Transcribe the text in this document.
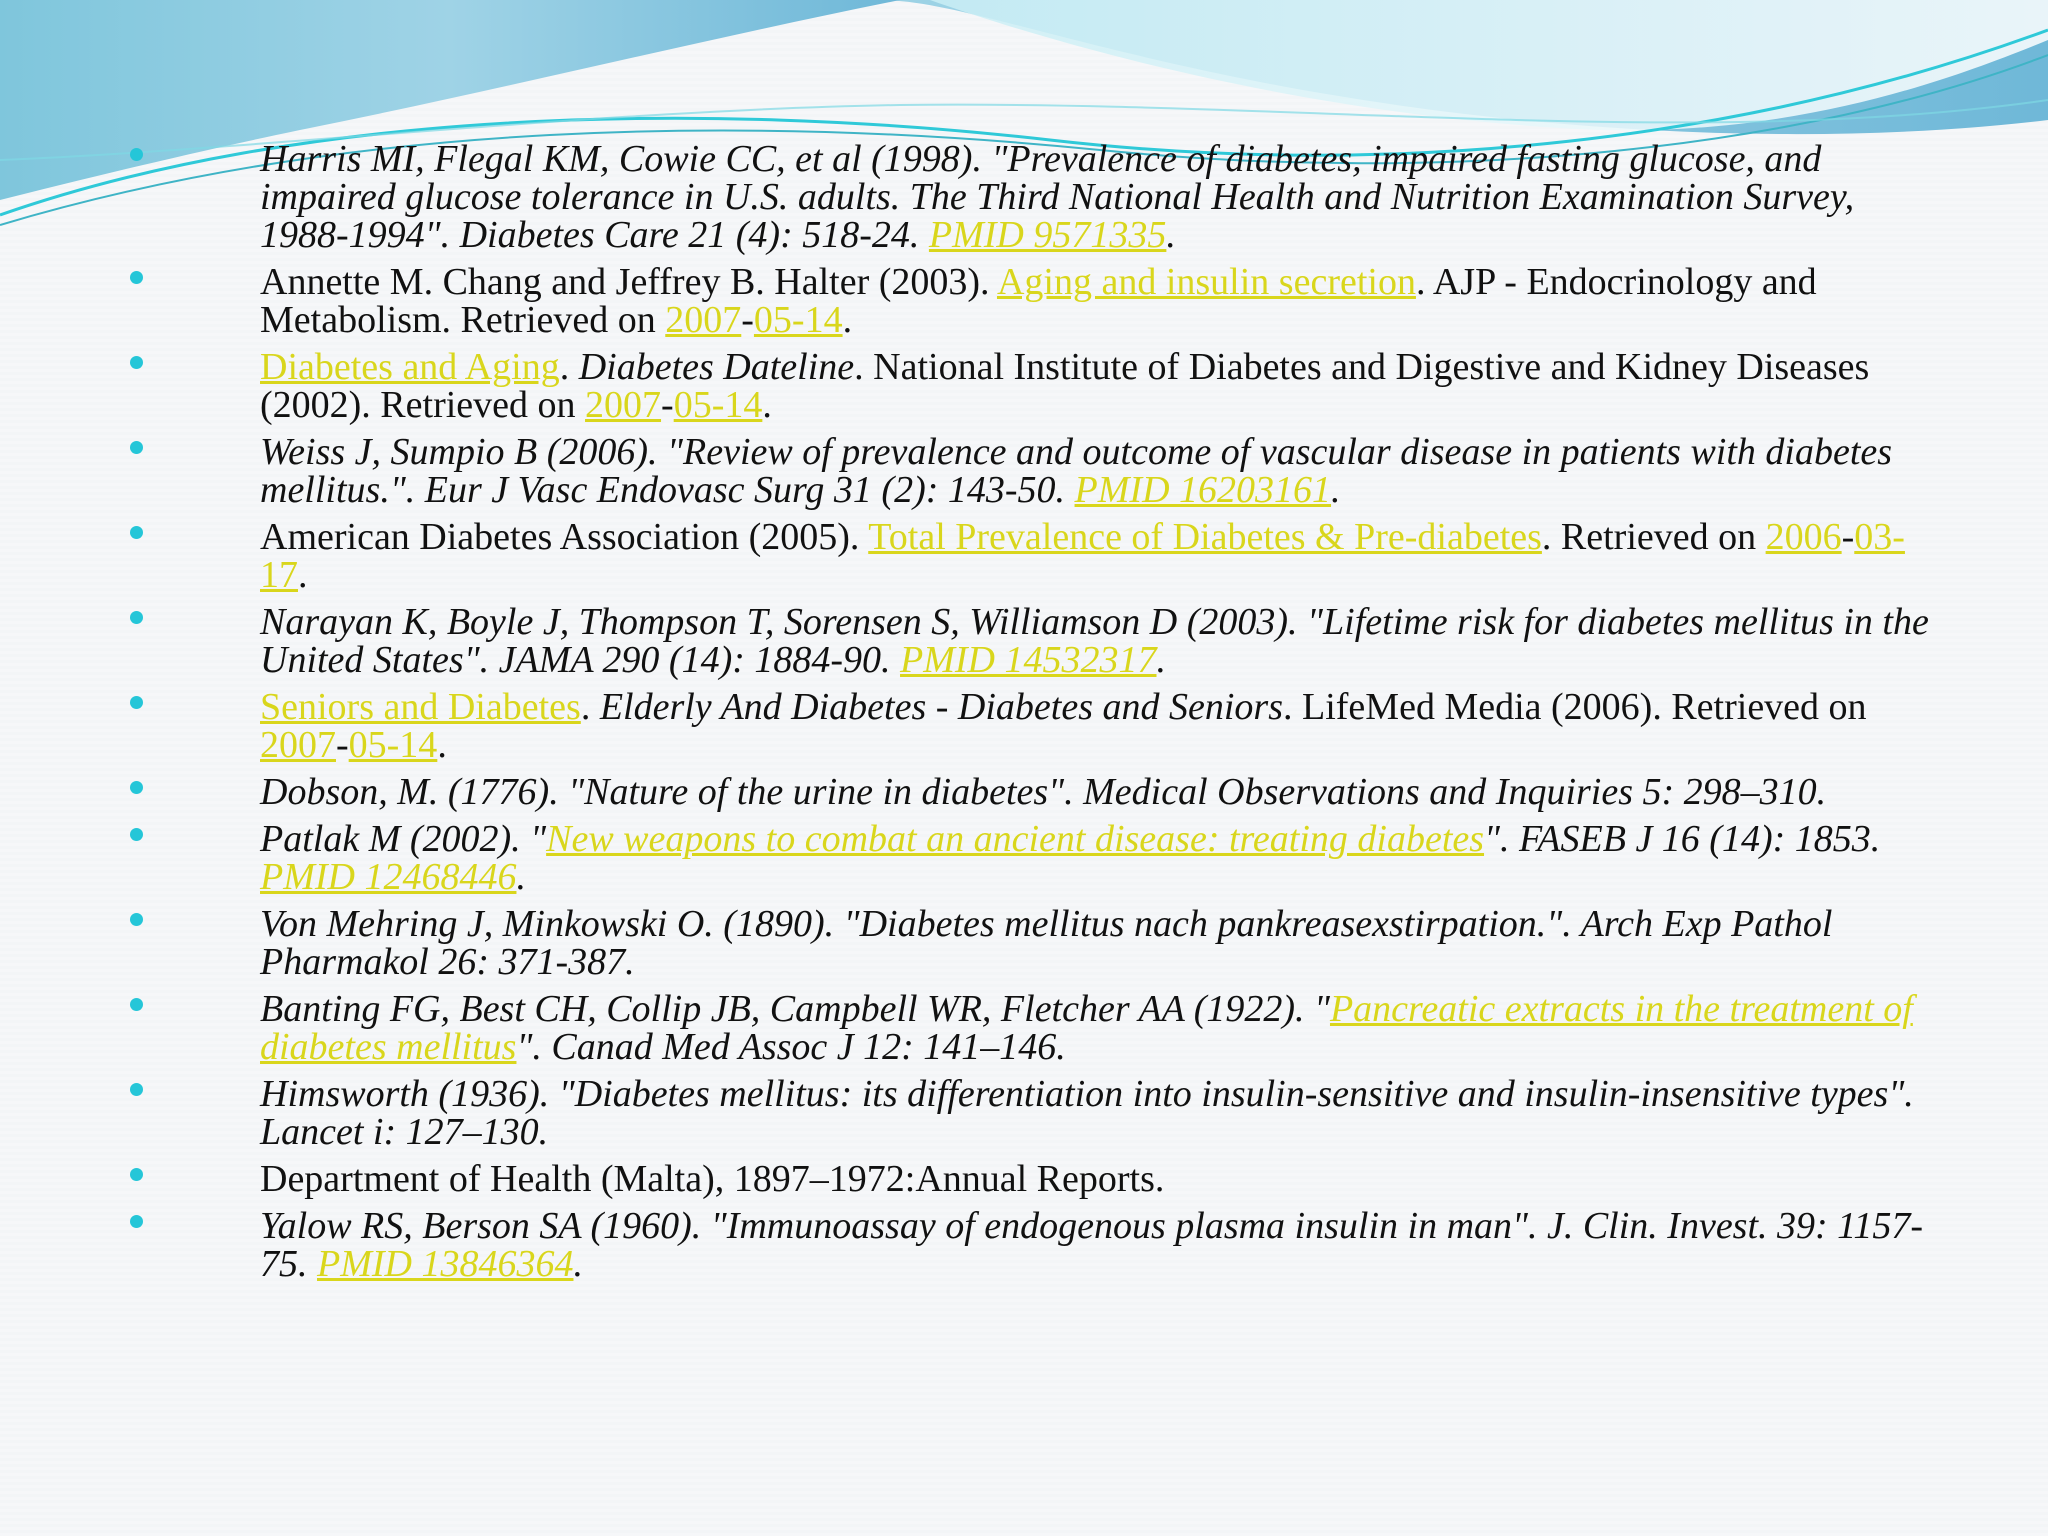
Harris MI, Flegal KM, Cowie CC, et al (1998). "Prevalence of diabetes, impaired fasting glucose, and impaired glucose tolerance in U.S. adults. The Third National Health and Nutrition Examination Survey, 1988-1994". Diabetes Care 21 (4): 518-24. PMID 9571335.
Annette M. Chang and Jeffrey B. Halter (2003). Aging and insulin secretion. AJP - Endocrinology and Metabolism. Retrieved on 2007-05-14.
Diabetes and Aging. Diabetes Dateline. National Institute of Diabetes and Digestive and Kidney Diseases (2002). Retrieved on 2007-05-14.
Weiss J, Sumpio B (2006). "Review of prevalence and outcome of vascular disease in patients with diabetes mellitus.". Eur J Vasc Endovasc Surg 31 (2): 143-50. PMID 16203161.
American Diabetes Association (2005). Total Prevalence of Diabetes & Pre-diabetes. Retrieved on 2006-03-17.
Narayan K, Boyle J, Thompson T, Sorensen S, Williamson D (2003). "Lifetime risk for diabetes mellitus in the United States". JAMA 290 (14): 1884-90. PMID 14532317.
Seniors and Diabetes. Elderly And Diabetes - Diabetes and Seniors. LifeMed Media (2006). Retrieved on 2007-05-14.
Dobson, M. (1776). "Nature of the urine in diabetes". Medical Observations and Inquiries 5: 298–310.
Patlak M (2002). "New weapons to combat an ancient disease: treating diabetes". FASEB J 16 (14): 1853. PMID 12468446.
Von Mehring J, Minkowski O. (1890). "Diabetes mellitus nach pankreasexstirpation.". Arch Exp Pathol Pharmakol 26: 371-387.
Banting FG, Best CH, Collip JB, Campbell WR, Fletcher AA (1922). "Pancreatic extracts in the treatment of diabetes mellitus". Canad Med Assoc J 12: 141–146.
Himsworth (1936). "Diabetes mellitus: its differentiation into insulin-sensitive and insulin-insensitive types". Lancet i: 127–130.
Department of Health (Malta), 1897–1972:Annual Reports.
Yalow RS, Berson SA (1960). "Immunoassay of endogenous plasma insulin in man". J. Clin. Invest. 39: 1157-75. PMID 13846364.
